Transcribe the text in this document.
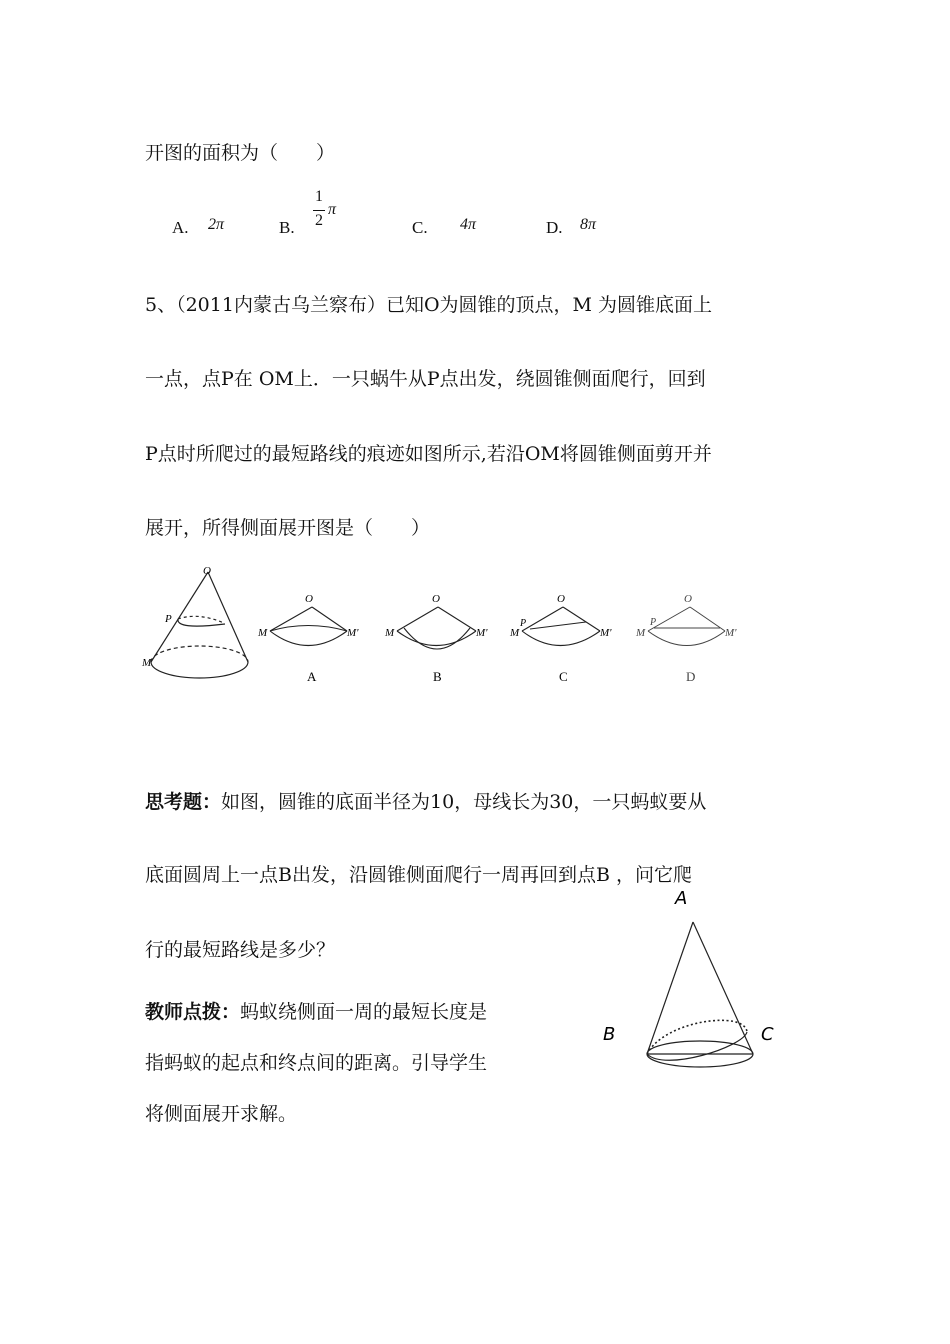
开图的面积为（　　）
A. 2π	B.
1
2
π
C. 4π	D. 8π
5、（2011内蒙古乌兰察布）已知O为圆锥的顶点，M 为圆锥底面上
一点，点P在 OM上．一只蜗牛从P点出发，绕圆锥侧面爬行，回到
P点时所爬过的最短路线的痕迹如图所示,若沿OM将圆锥侧面剪开并
展开，所得侧面展开图是（　　）
O
P
M
O
M	M'
A
O
M	M'
B
O
P
M	M'
C
O
P
M	M'
D
思考题：如图，圆锥的底面半径为10，母线长为30，一只蚂蚁要从
底面圆周上一点B出发，沿圆锥侧面爬行一周再回到点B ，问它爬
行的最短路线是多少？
教师点拨：蚂蚁绕侧面一周的最短长度是
指蚂蚁的起点和终点间的距离。引导学生
将侧面展开求解。
A
B	C
